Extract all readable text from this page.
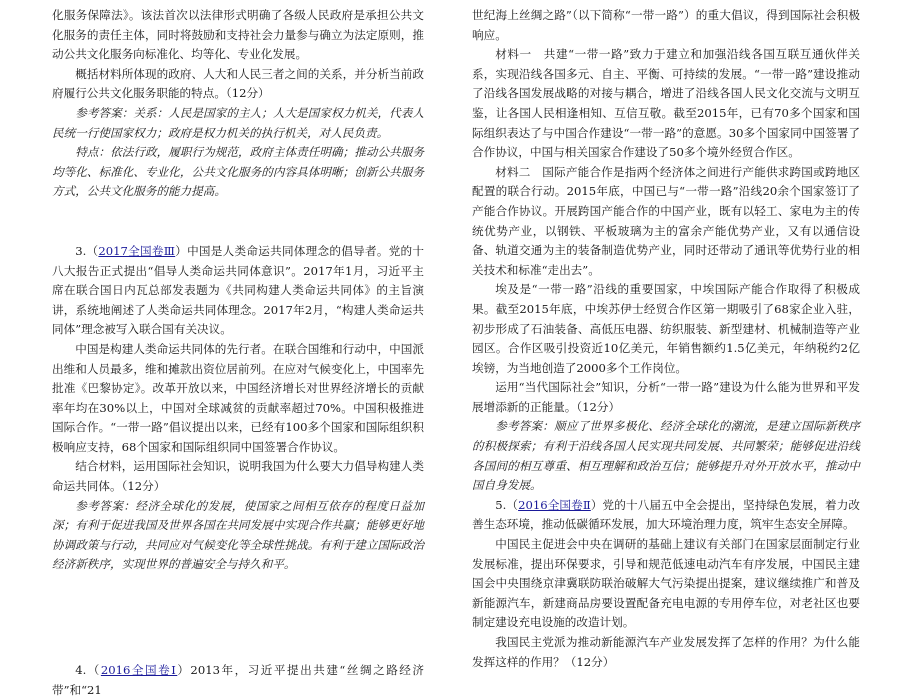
化服务保障法》。该法首次以法律形式明确了各级人民政府是承担公共文化服务的责任主体，同时将鼓励和支持社会力量参与确立为法定原则，推动公共文化服务向标准化、均等化、专业化发展。

概括材料所体现的政府、人大和人民三者之间的关系，并分析当前政府履行公共文化服务职能的特点。（12分）

参考答案：关系：人民是国家的主人；人大是国家权力机关，代表人民统一行使国家权力；政府是权力机关的执行机关，对人民负责。

特点：依法行政，履职行为规范，政府主体责任明确；推动公共服务均等化、标准化、专业化，公共文化服务的内容具体明晰；创新公共服务方式，公共文化服务的能力提高。

3.（2017全国卷Ⅲ）中国是人类命运共同体理念的倡导者。党的十八大报告正式提出“倡导人类命运共同体意识”。2017年1月，习近平主席在联合国日内瓦总部发表题为《共同构建人类命运共同体》的主旨演讲，系统地阐述了人类命运共同体理念。2017年2月，“构建人类命运共同体”理念被写入联合国有关决议。

中国是构建人类命运共同体的先行者。在联合国维和行动中，中国派出维和人员最多，维和摊款出资位居前列。在应对气候变化上，中国率先批准《巴黎协定》。改革开放以来，中国经济增长对世界经济增长的贡献率年均在30%以上，中国对全球减贫的贡献率超过70%。中国积极推进国际合作。“一带一路”倡议提出以来，已经有100多个国家和国际组织积极响应支持，68个国家和国际组织同中国签署合作协议。

结合材料，运用国际社会知识，说明我国为什么要大力倡导构建人类命运共同体。（12分）

参考答案：经济全球化的发展，使国家之间相互依存的程度日益加深；有利于促进我国及世界各国在共同发展中实现合作共赢；能够更好地协调政策与行动，共同应对气候变化等全球性挑战。有利于建立国际政治经济新秩序，实现世界的普遍安全与持久和平。

4.（2016全国卷Ⅰ）2013年，习近平提出共建“丝绸之路经济带”和“21

世纪海上丝绸之路”（以下简称“一带一路”）的重大倡议，得到国际社会积极响应。

材料一　共建“一带一路”致力于建立和加强沿线各国互联互通伙伴关系，实现沿线各国多元、自主、平衡、可持续的发展。“一带一路”建设推动了沿线各国发展战略的对接与耦合，增进了沿线各国人民文化交流与文明互鉴，让各国人民相逢相知、互信互敬。截至2015年，已有70多个国家和国际组织表达了与中国合作建设“一带一路”的意愿。30多个国家同中国签署了合作协议，中国与相关国家合作建设了50多个境外经贸合作区。

材料二　国际产能合作是指两个经济体之间进行产能供求跨国或跨地区配置的联合行动。2015年底，中国已与“一带一路”沿线20余个国家签订了产能合作协议。开展跨国产能合作的中国产业，既有以轻工、家电为主的传统优势产业，以钢铁、平板玻璃为主的富余产能优势产业，又有以通信设备、轨道交通为主的装备制造优势产业，同时还带动了通讯等优势行业的相关技术和标准“走出去”。

埃及是“一带一路”沿线的重要国家，中埃国际产能合作取得了积极成果。截至2015年底，中埃苏伊士经贸合作区第一期吸引了68家企业入驻，初步形成了石油装备、高低压电器、纺织服装、新型建材、机械制造等产业园区。合作区吸引投资近10亿美元，年销售额约1.5亿美元，年纳税约2亿埃镑，为当地创造了2000多个工作岗位。

运用“当代国际社会”知识，分析“一带一路”建设为什么能为世界和平发展增添新的正能量。（12分）

参考答案：顺应了世界多极化、经济全球化的潮流，是建立国际新秩序的积极探索；有利于沿线各国人民实现共同发展、共同繁荣；能够促进沿线各国间的相互尊重、相互理解和政治互信；能够提升对外开放水平，推动中国自身发展。

5.（2016全国卷Ⅱ）党的十八届五中全会提出，坚持绿色发展，着力改善生态环境，推动低碳循环发展，加大环境治理力度，筑牢生态安全屏障。

中国民主促进会中央在调研的基础上建议有关部门在国家层面制定行业发展标准，提出环保要求，引导和规范低速电动汽车有序发展，中国民主建国会中央围绕京津冀联防联治破解大气污染提出提案，建议继续推广和普及新能源汽车，新建商品房要设置配备充电电源的专用停车位，对老社区也要制定建设充电设施的改造计划。

我国民主党派为推动新能源汽车产业发展发挥了怎样的作用？为什么能发挥这样的作用？（12分）
